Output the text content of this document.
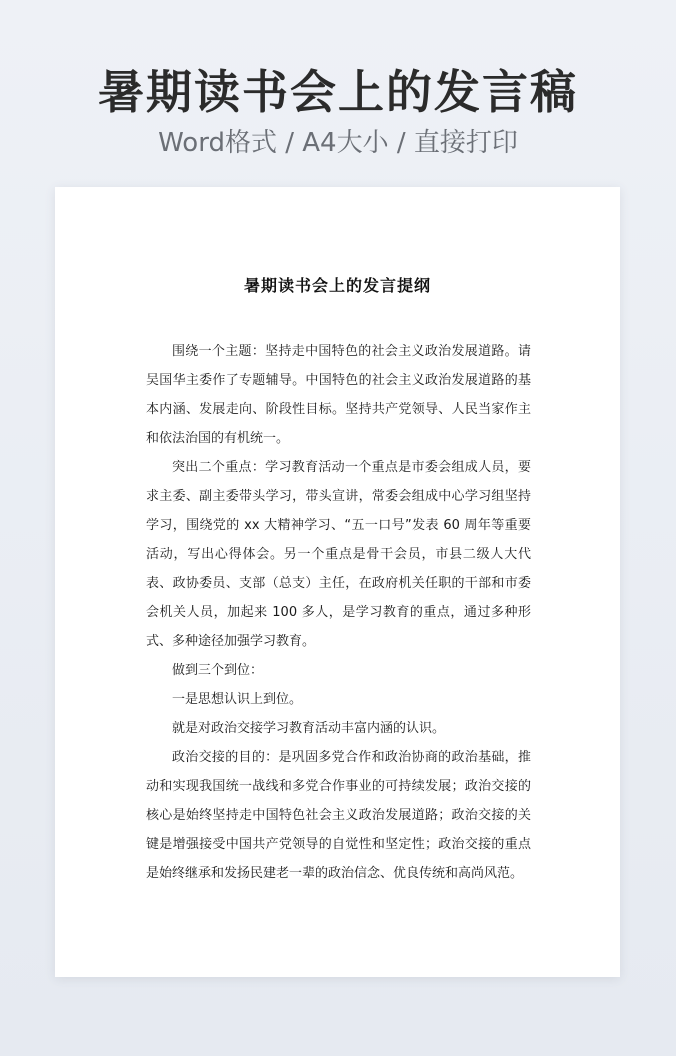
暑期读书会上的发言稿
Word格式 / A4大小 / 直接打印
暑期读书会上的发言提纲

围绕一个主题：坚持走中国特色的社会主义政治发展道路。请吴国华主委作了专题辅导。中国特色的社会主义政治发展道路的基本内涵、发展走向、阶段性目标。坚持共产党领导、人民当家作主和依法治国的有机统一。

突出二个重点：学习教育活动一个重点是市委会组成人员，要求主委、副主委带头学习，带头宣讲，常委会组成中心学习组坚持学习，围绕党的 xx 大精神学习、“五一口号”发表 60 周年等重要活动，写出心得体会。另一个重点是骨干会员，市县二级人大代表、政协委员、支部（总支）主任，在政府机关任职的干部和市委会机关人员，加起来 100 多人，是学习教育的重点，通过多种形式、多种途径加强学习教育。

做到三个到位：

一是思想认识上到位。

就是对政治交接学习教育活动丰富内涵的认识。

政治交接的目的：是巩固多党合作和政治协商的政治基础，推动和实现我国统一战线和多党合作事业的可持续发展；政治交接的核心是始终坚持走中国特色社会主义政治发展道路；政治交接的关键是增强接受中国共产党领导的自觉性和坚定性；政治交接的重点是始终继承和发扬民建老一辈的政治信念、优良传统和高尚风范。
